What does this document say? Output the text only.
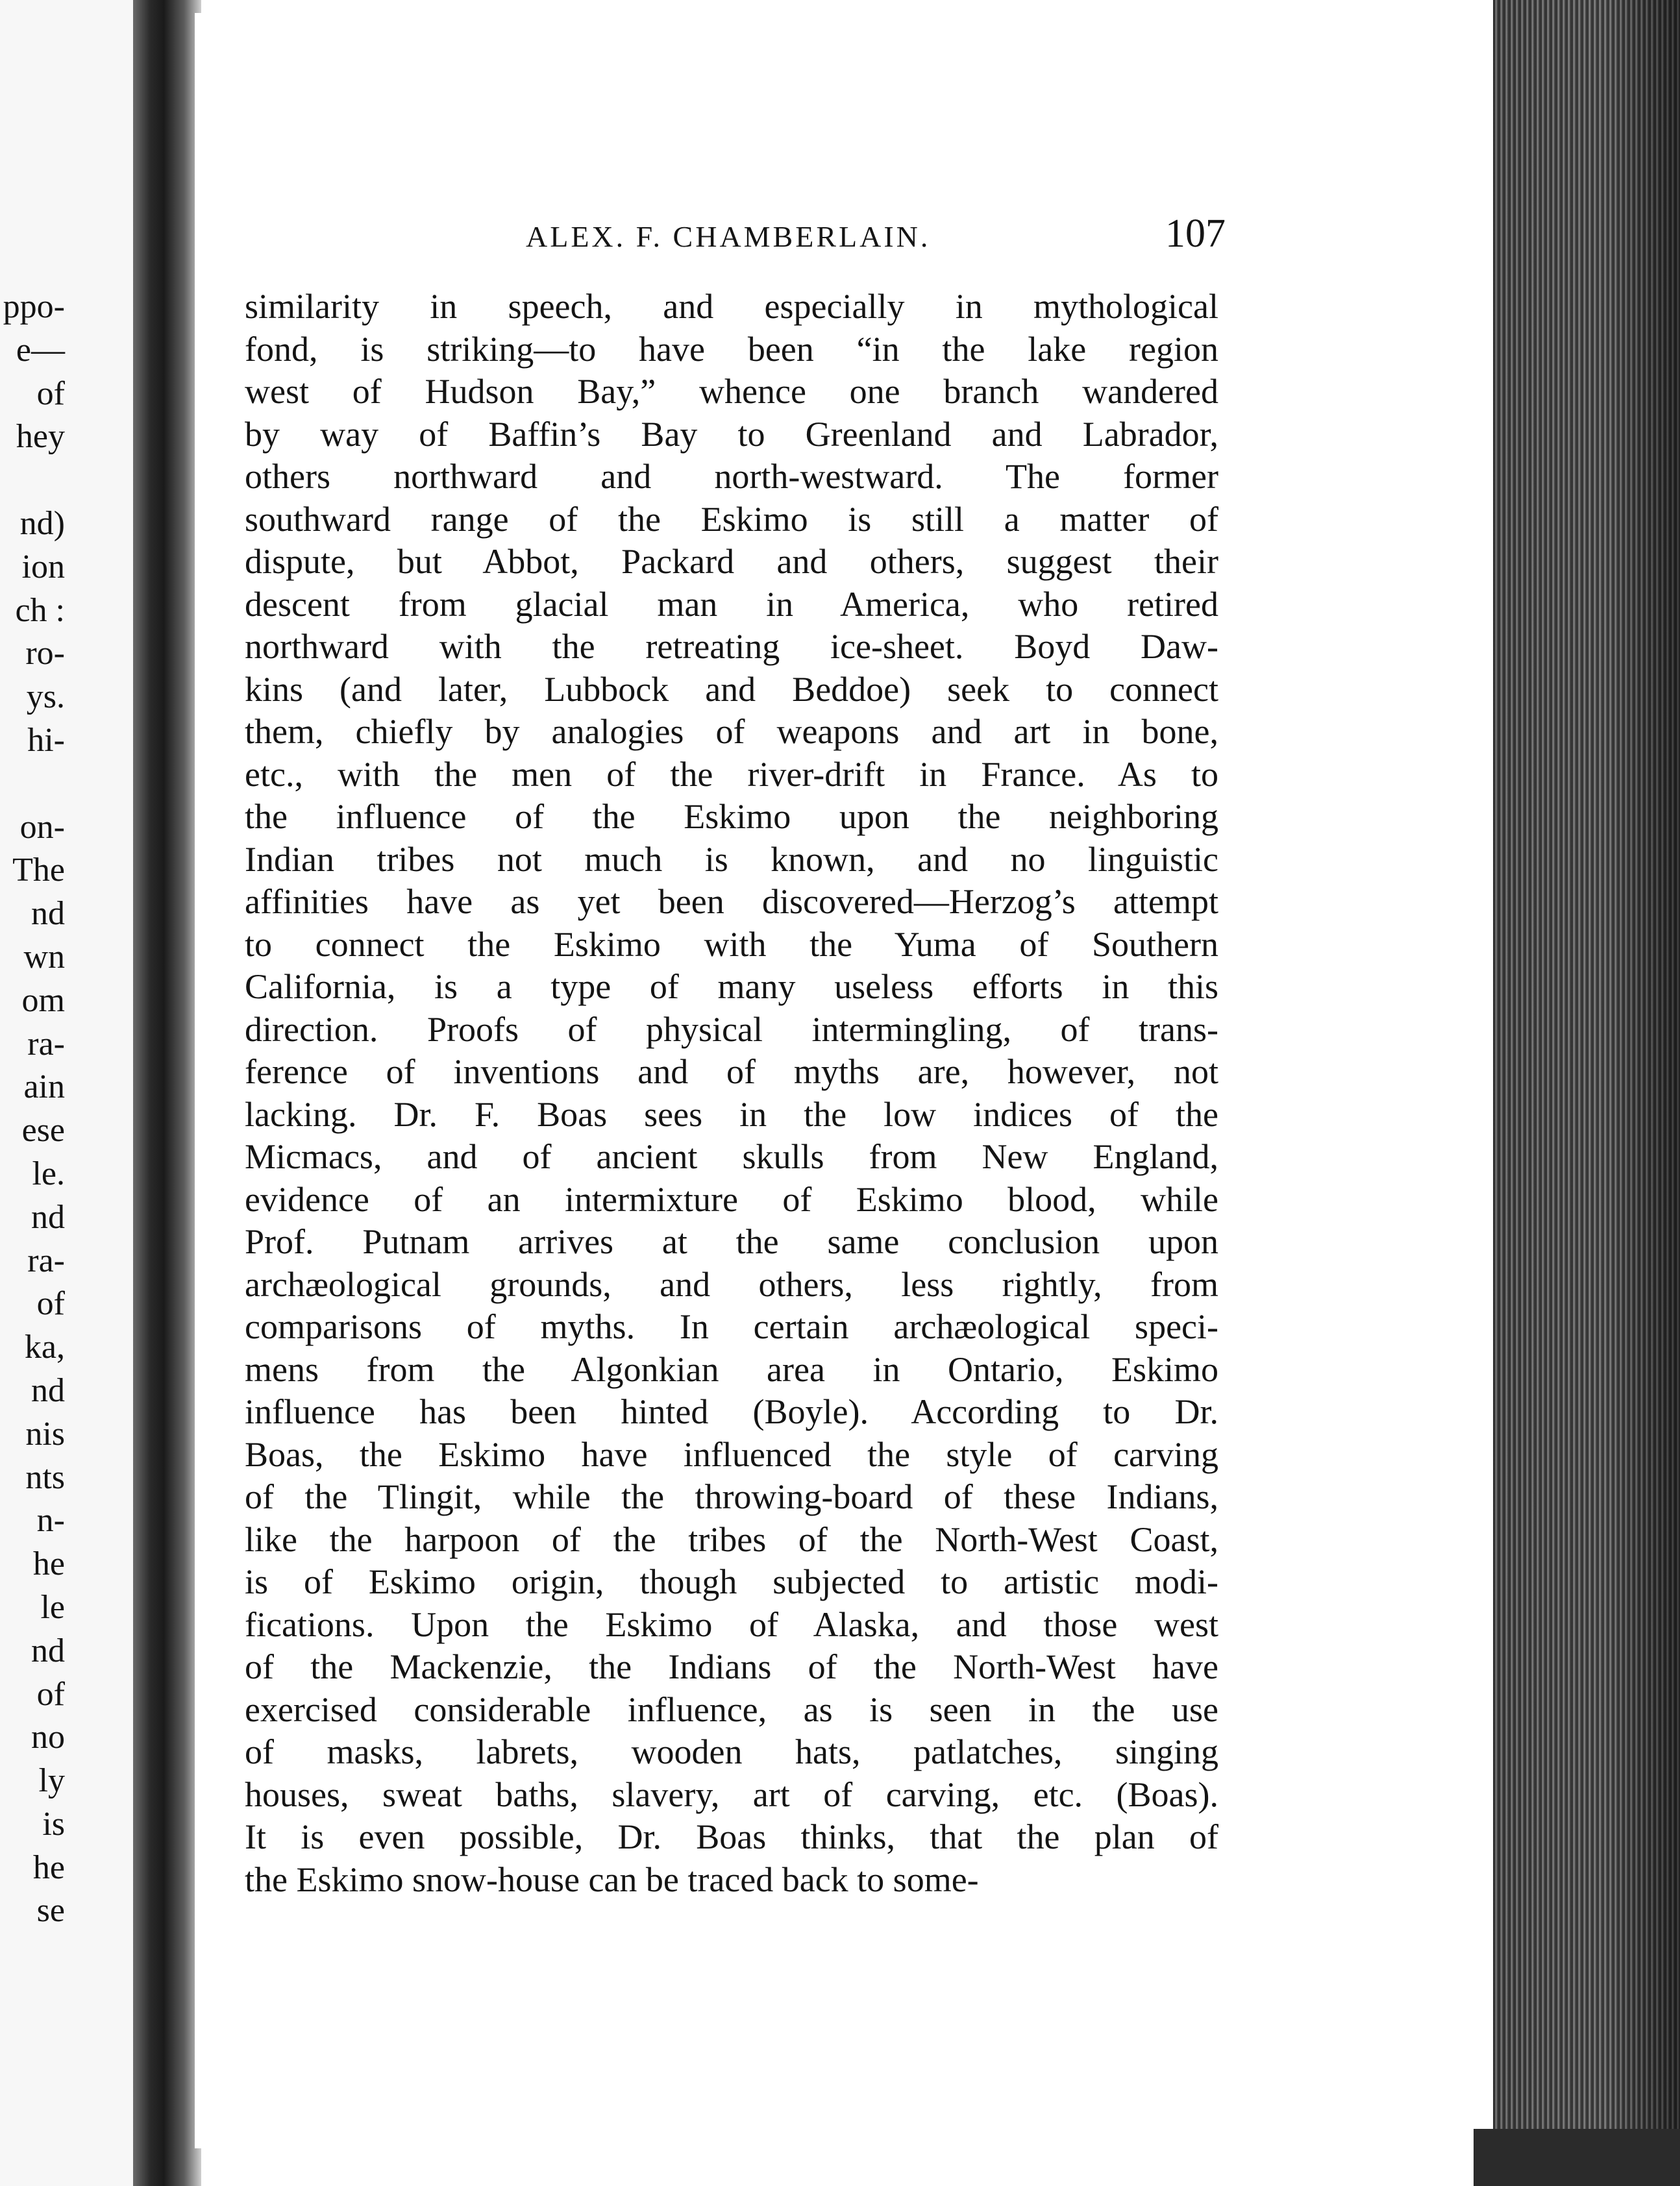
ppo-
e—
of
hey
nd)
ion
ch :
ro-
ys.
hi-
on-
The
nd
wn
om
ra-
ain
ese
le.
nd
ra-
of
ka,
nd
nis
nts
n-
he
le
nd
of
no
ly
is
he
se
ALEX. F. CHAMBERLAIN.	107
similarity in speech, and especially in mythological
fond, is striking—to have been “in the lake region
west of Hudson Bay,” whence one branch wandered
by way of Baffin’s Bay to Greenland and Labrador,
others northward and north-westward. The former
southward range of the Eskimo is still a matter of
dispute, but Abbot, Packard and others, suggest their
descent from glacial man in America, who retired
northward with the retreating ice-sheet. Boyd Daw-
kins (and later, Lubbock and Beddoe) seek to connect
them, chiefly by analogies of weapons and art in bone,
etc., with the men of the river-drift in France. As to
the influence of the Eskimo upon the neighboring
Indian tribes not much is known, and no linguistic
affinities have as yet been discovered—Herzog’s attempt
to connect the Eskimo with the Yuma of Southern
California, is a type of many useless efforts in this
direction. Proofs of physical intermingling, of trans-
ference of inventions and of myths are, however, not
lacking. Dr. F. Boas sees in the low indices of the
Micmacs, and of ancient skulls from New England,
evidence of an intermixture of Eskimo blood, while
Prof. Putnam arrives at the same conclusion upon
archæological grounds, and others, less rightly, from
comparisons of myths. In certain archæological speci-
mens from the Algonkian area in Ontario, Eskimo
influence has been hinted (Boyle). According to Dr.
Boas, the Eskimo have influenced the style of carving
of the Tlingit, while the throwing-board of these Indians,
like the harpoon of the tribes of the North-West Coast,
is of Eskimo origin, though subjected to artistic modi-
fications. Upon the Eskimo of Alaska, and those west
of the Mackenzie, the Indians of the North-West have
exercised considerable influence, as is seen in the use
of masks, labrets, wooden hats, patlatches, singing
houses, sweat baths, slavery, art of carving, etc. (Boas).
It is even possible, Dr. Boas thinks, that the plan of
the Eskimo snow-house can be traced back to some-
